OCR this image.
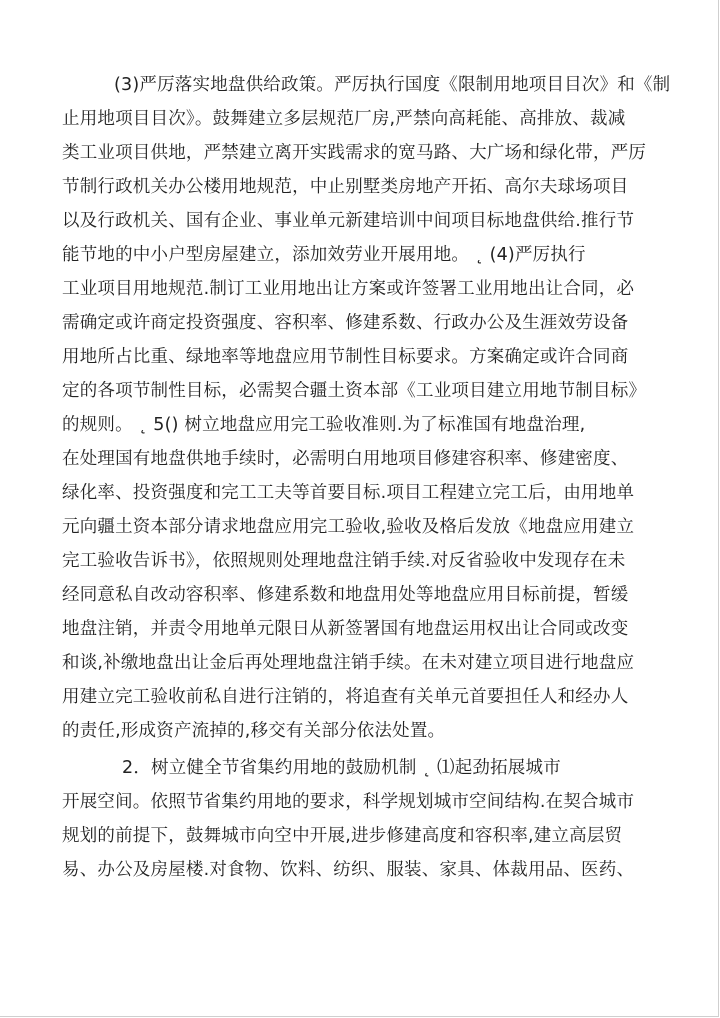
(3)严厉落实地盘供给政策。严厉执行国度《限制用地项目目次》和《制
止用地项目目次》。鼓舞建立多层规范厂房,严禁向高耗能、高排放、裁减
类工业项目供地，严禁建立离开实践需求的宽马路、大广场和绿化带，严厉
节制行政机关办公楼用地规范，中止别墅类房地产开拓、高尔夫球场项目
以及行政机关、国有企业、事业单元新建培训中间项目标地盘供给.推行节
能节地的中小户型房屋建立，添加效劳业开展用地。 ˛ (4)严厉执行
工业项目用地规范.制订工业用地出让方案或许签署工业用地出让合同，必
需确定或许商定投资强度、容积率、修建系数、行政办公及生涯效劳设备
用地所占比重、绿地率等地盘应用节制性目标要求。方案确定或许合同商
定的各项节制性目标，必需契合疆土资本部《工业项目建立用地节制目标》
的规则。 ˛ 5() 树立地盘应用完工验收准则.为了标准国有地盘治理,
在处理国有地盘供地手续时，必需明白用地项目修建容积率、修建密度、
绿化率、投资强度和完工工夫等首要目标.项目工程建立完工后，由用地单
元向疆土资本部分请求地盘应用完工验收,验收及格后发放《地盘应用建立
完工验收告诉书》，依照规则处理地盘注销手续.对反省验收中发现存在未
经同意私自改动容积率、修建系数和地盘用处等地盘应用目标前提，暂缓
地盘注销，并责令用地单元限日从新签署国有地盘运用权出让合同或改变
和谈,补缴地盘出让金后再处理地盘注销手续。在未对建立项目进行地盘应
用建立完工验收前私自进行注销的，将追查有关单元首要担任人和经办人
的责任,形成资产流掉的,移交有关部分依法处置。
2．树立健全节省集约用地的鼓励机制 ˛ ⑴起劲拓展城市
开展空间。依照节省集约用地的要求，科学规划城市空间结构.在契合城市
规划的前提下，鼓舞城市向空中开展,进步修建高度和容积率,建立高层贸
易、办公及房屋楼.对食物、饮料、纺织、服装、家具、体裁用品、医药、
